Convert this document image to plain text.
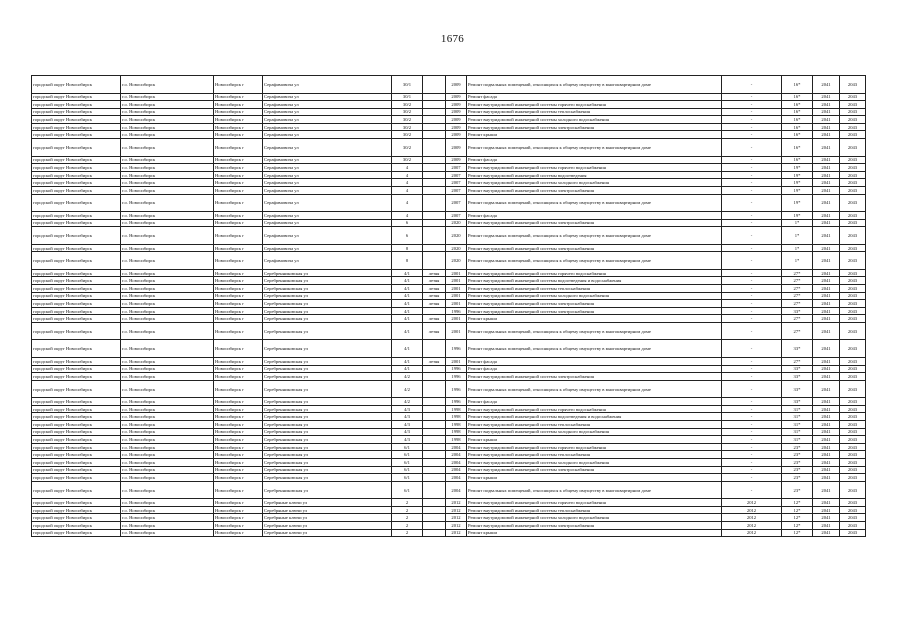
1676
городской округ Новосибирск	г.о. Новосибирск	Новосибирск г	Серафимовича ул	30/1		2009	Ремонт подвальных помещений, относящихся к общему имуществу в многоквартирном доме	-	16*	2041	2043
городской округ Новосибирск	г.о. Новосибирск	Новосибирск г	Серафимовича ул	30/1		2009	Ремонт фасада	-	16*	2041	2043
городской округ Новосибирск	г.о. Новосибирск	Новосибирск г	Серафимовича ул	30/2		2009	Ремонт внутридомовой инженерной системы горячего водоснабжения	-	16*	2041	2043
городской округ Новосибирск	г.о. Новосибирск	Новосибирск г	Серафимовича ул	30/2		2009	Ремонт внутридомовой инженерной системы теплоснабжения	-	16*	2041	2043
городской округ Новосибирск	г.о. Новосибирск	Новосибирск г	Серафимовича ул	30/2		2009	Ремонт внутридомовой инженерной системы холодного водоснабжения	-	16*	2041	2043
городской округ Новосибирск	г.о. Новосибирск	Новосибирск г	Серафимовича ул	30/2		2009	Ремонт внутридомовой инженерной системы электроснабжения	-	16*	2041	2043
городской округ Новосибирск	г.о. Новосибирск	Новосибирск г	Серафимовича ул	30/2		2009	Ремонт крыши	-	16*	2041	2043
городской округ Новосибирск	г.о. Новосибирск	Новосибирск г	Серафимовича ул	30/2		2009	Ремонт подвальных помещений, относящихся к общему имуществу в многоквартирном доме	-	16*	2041	2043
городской округ Новосибирск	г.о. Новосибирск	Новосибирск г	Серафимовича ул	30/2		2009	Ремонт фасада	-	16*	2041	2043
городской округ Новосибирск	г.о. Новосибирск	Новосибирск г	Серафимовича ул	4		2007	Ремонт внутридомовой инженерной системы горячего водоснабжения	-	19*	2041	2043
городской округ Новосибирск	г.о. Новосибирск	Новосибирск г	Серафимовича ул	4		2007	Ремонт внутридомовой инженерной системы водоотведения	-	19*	2041	2043
городской округ Новосибирск	г.о. Новосибирск	Новосибирск г	Серафимовича ул	4		2007	Ремонт внутридомовой инженерной системы холодного водоснабжения	-	19*	2041	2043
городской округ Новосибирск	г.о. Новосибирск	Новосибирск г	Серафимовича ул	4		2007	Ремонт внутридомовой инженерной системы электроснабжения	-	19*	2041	2043
городской округ Новосибирск	г.о. Новосибирск	Новосибирск г	Серафимовича ул	4		2007	Ремонт подвальных помещений, относящихся к общему имуществу в многоквартирном доме	-	19*	2041	2043
городской округ Новосибирск	г.о. Новосибирск	Новосибирск г	Серафимовича ул	4		2007	Ремонт фасада	-	19*	2041	2043
городской округ Новосибирск	г.о. Новосибирск	Новосибирск г	Серафимовича ул	6		2020	Ремонт внутридомовой инженерной системы электроснабжения	-	1*	2041	2043
городской округ Новосибирск	г.о. Новосибирск	Новосибирск г	Серафимовича ул	6		2020	Ремонт подвальных помещений, относящихся к общему имуществу в многоквартирном доме	-	1*	2041	2043
городской округ Новосибирск	г.о. Новосибирск	Новосибирск г	Серафимовича ул	8		2020	Ремонт внутридомовой инженерной системы электроснабжения	-	1*	2041	2043
городской округ Новосибирск	г.о. Новосибирск	Новосибирск г	Серафимовича ул	8		2020	Ремонт подвальных помещений, относящихся к общему имуществу в многоквартирном доме	-	1*	2041	2043
городской округ Новосибирск	г.о. Новосибирск	Новосибирск г	Серебренниковская ул	4/1	летяя	2001	Ремонт внутридомовой инженерной системы горячего водоснабжения	-	27*	2041	2043
городской округ Новосибирск	г.о. Новосибирск	Новосибирск г	Серебренниковская ул	4/1	летяя	2001	Ремонт внутридомовой инженерной системы водоотведения и водоснабжения	-	27*	2041	2043
городской округ Новосибирск	г.о. Новосибирск	Новосибирск г	Серебренниковская ул	4/1	летяя	2001	Ремонт внутридомовой инженерной системы теплоснабжения	-	27*	2041	2043
городской округ Новосибирск	г.о. Новосибирск	Новосибирск г	Серебренниковская ул	4/1	летяя	2001	Ремонт внутридомовой инженерной системы холодного водоснабжения	-	27*	2041	2043
городской округ Новосибирск	г.о. Новосибирск	Новосибирск г	Серебренниковская ул	4/1	летяя	2001	Ремонт внутридомовой инженерной системы электроснабжения	-	27*	2041	2043
городской округ Новосибирск	г.о. Новосибирск	Новосибирск г	Серебренниковская ул	4/1		1996	Ремонт внутридомовой инженерной системы электроснабжения	-	33*	2041	2043
городской округ Новосибирск	г.о. Новосибирск	Новосибирск г	Серебренниковская ул	4/1	летяя	2001	Ремонт крыши	-	27*	2041	2043
городской округ Новосибирск	г.о. Новосибирск	Новосибирск г	Серебренниковская ул	4/1	летяя	2001	Ремонт подвальных помещений, относящихся к общему имуществу в многоквартирном доме	-	27*	2041	2043
городской округ Новосибирск	г.о. Новосибирск	Новосибирск г	Серебренниковская ул	4/1		1996	Ремонт подвальных помещений, относящихся к общему имуществу в многоквартирном доме	-	33*	2041	2043
городской округ Новосибирск	г.о. Новосибирск	Новосибирск г	Серебренниковская ул	4/1	летяя	2001	Ремонт фасада	-	27*	2041	2043
городской округ Новосибирск	г.о. Новосибирск	Новосибирск г	Серебренниковская ул	4/1		1996	Ремонт фасада	-	33*	2041	2043
городской округ Новосибирск	г.о. Новосибирск	Новосибирск г	Серебренниковская ул	4/2		1996	Ремонт внутридомовой инженерной системы электроснабжения	-	33*	2041	2043
городской округ Новосибирск	г.о. Новосибирск	Новосибирск г	Серебренниковская ул	4/2		1996	Ремонт подвальных помещений, относящихся к общему имуществу в многоквартирном доме	-	33*	2041	2043
городской округ Новосибирск	г.о. Новосибирск	Новосибирск г	Серебренниковская ул	4/2		1996	Ремонт фасада	-	33*	2041	2043
городской округ Новосибирск	г.о. Новосибирск	Новосибирск г	Серебренниковская ул	4/3		1998	Ремонт внутридомовой инженерной системы горячего водоснабжения	-	31*	2041	2043
городской округ Новосибирск	г.о. Новосибирск	Новосибирск г	Серебренниковская ул	4/3		1998	Ремонт внутридомовой инженерной системы водоотведения и водоснабжения	-	31*	2041	2043
городской округ Новосибирск	г.о. Новосибирск	Новосибирск г	Серебренниковская ул	4/3		1998	Ремонт внутридомовой инженерной системы теплоснабжения	-	31*	2041	2043
городской округ Новосибирск	г.о. Новосибирск	Новосибирск г	Серебренниковская ул	4/3		1998	Ремонт внутридомовой инженерной системы холодного водоснабжения	-	31*	2041	2043
городской округ Новосибирск	г.о. Новосибирск	Новосибирск г	Серебренниковская ул	4/3		1998	Ремонт крыши	-	31*	2041	2043
городской округ Новосибирск	г.о. Новосибирск	Новосибирск г	Серебренниковская ул	6/1		2004	Ремонт внутридомовой инженерной системы горячего водоснабжения	-	23*	2041	2043
городской округ Новосибирск	г.о. Новосибирск	Новосибирск г	Серебренниковская ул	6/1		2004	Ремонт внутридомовой инженерной системы теплоснабжения	-	23*	2041	2043
городской округ Новосибирск	г.о. Новосибирск	Новосибирск г	Серебренниковская ул	6/1		2004	Ремонт внутридомовой инженерной системы холодного водоснабжения	-	23*	2041	2043
городской округ Новосибирск	г.о. Новосибирск	Новосибирск г	Серебренниковская ул	6/1		2004	Ремонт внутридомовой инженерной системы электроснабжения	-	23*	2041	2043
городской округ Новосибирск	г.о. Новосибирск	Новосибирск г	Серебренниковская ул	6/1		2004	Ремонт крыши	-	23*	2041	2043
городской округ Новосибирск	г.о. Новосибирск	Новосибирск г	Серебренниковская ул	6/1		2004	Ремонт подвальных помещений, относящихся к общему имуществу в многоквартирном доме	-	23*	2041	2043
городской округ Новосибирск	г.о. Новосибирск	Новосибирск г	Серебряные ключи ул	2		2012	Ремонт внутридомовой инженерной системы горячего водоснабжения	2012	12*	2041	2043
городской округ Новосибирск	г.о. Новосибирск	Новосибирск г	Серебряные ключи ул	2		2012	Ремонт внутридомовой инженерной системы теплоснабжения	2012	12*	2041	2043
городской округ Новосибирск	г.о. Новосибирск	Новосибирск г	Серебряные ключи ул	2		2012	Ремонт внутридомовой инженерной системы холодного водоснабжения	2012	12*	2041	2043
городской округ Новосибирск	г.о. Новосибирск	Новосибирск г	Серебряные ключи ул	2		2012	Ремонт внутридомовой инженерной системы электроснабжения	2012	12*	2041	2043
городской округ Новосибирск	г.о. Новосибирск	Новосибирск г	Серебряные ключи ул	2		2012	Ремонт крыши	2012	12*	2041	2043
